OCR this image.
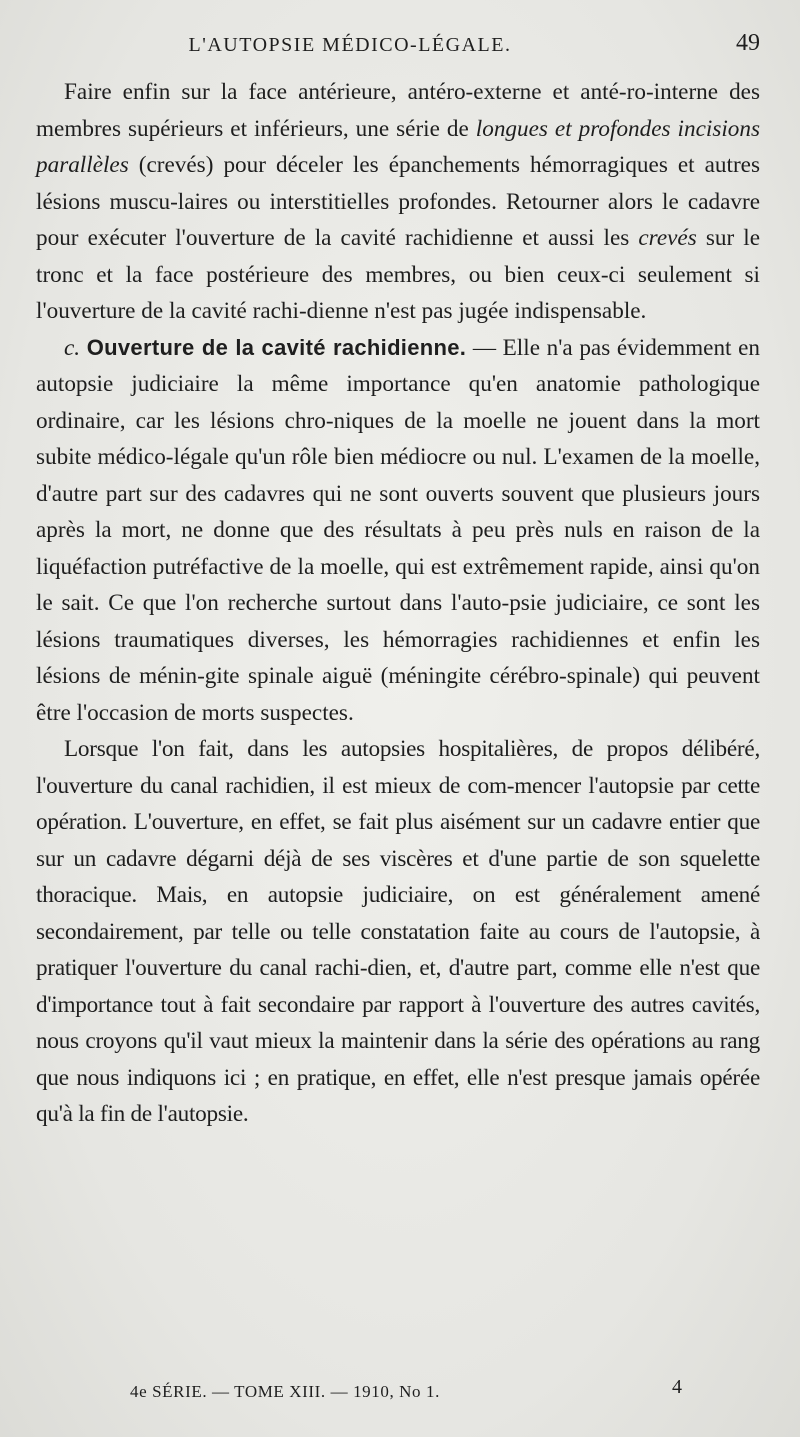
L'AUTOPSIE MÉDICO-LÉGALE.	49

Faire enfin sur la face antérieure, antéro-externe et anté-ro-interne des membres supérieurs et inférieurs, une série de longues et profondes incisions parallèles (crevés) pour déceler les épanchements hémorragiques et autres lésions muscu-laires ou interstitielles profondes. Retourner alors le cadavre pour exécuter l'ouverture de la cavité rachidienne et aussi les crevés sur le tronc et la face postérieure des membres, ou bien ceux-ci seulement si l'ouverture de la cavité rachi-dienne n'est pas jugée indispensable.

c. Ouverture de la cavité rachidienne. — Elle n'a pas évidemment en autopsie judiciaire la même importance qu'en anatomie pathologique ordinaire, car les lésions chro-niques de la moelle ne jouent dans la mort subite médico-légale qu'un rôle bien médiocre ou nul. L'examen de la moelle, d'autre part sur des cadavres qui ne sont ouverts souvent que plusieurs jours après la mort, ne donne que des résultats à peu près nuls en raison de la liquéfaction putréfactive de la moelle, qui est extrêmement rapide, ainsi qu'on le sait. Ce que l'on recherche surtout dans l'auto-psie judiciaire, ce sont les lésions traumatiques diverses, les hémorragies rachidiennes et enfin les lésions de ménin-gite spinale aiguë (méningite cérébro-spinale) qui peuvent être l'occasion de morts suspectes.

Lorsque l'on fait, dans les autopsies hospitalières, de propos délibéré, l'ouverture du canal rachidien, il est mieux de com-mencer l'autopsie par cette opération. L'ouverture, en effet, se fait plus aisément sur un cadavre entier que sur un cadavre dégarni déjà de ses viscères et d'une partie de son squelette thoracique. Mais, en autopsie judiciaire, on est généralement amené secondairement, par telle ou telle constatation faite au cours de l'autopsie, à pratiquer l'ouverture du canal rachi-dien, et, d'autre part, comme elle n'est que d'importance tout à fait secondaire par rapport à l'ouverture des autres cavités, nous croyons qu'il vaut mieux la maintenir dans la série des opérations au rang que nous indiquons ici ; en pratique, en effet, elle n'est presque jamais opérée qu'à la fin de l'autopsie.

4e SÉRIE. — TOME XIII. — 1910, No 1.	4
